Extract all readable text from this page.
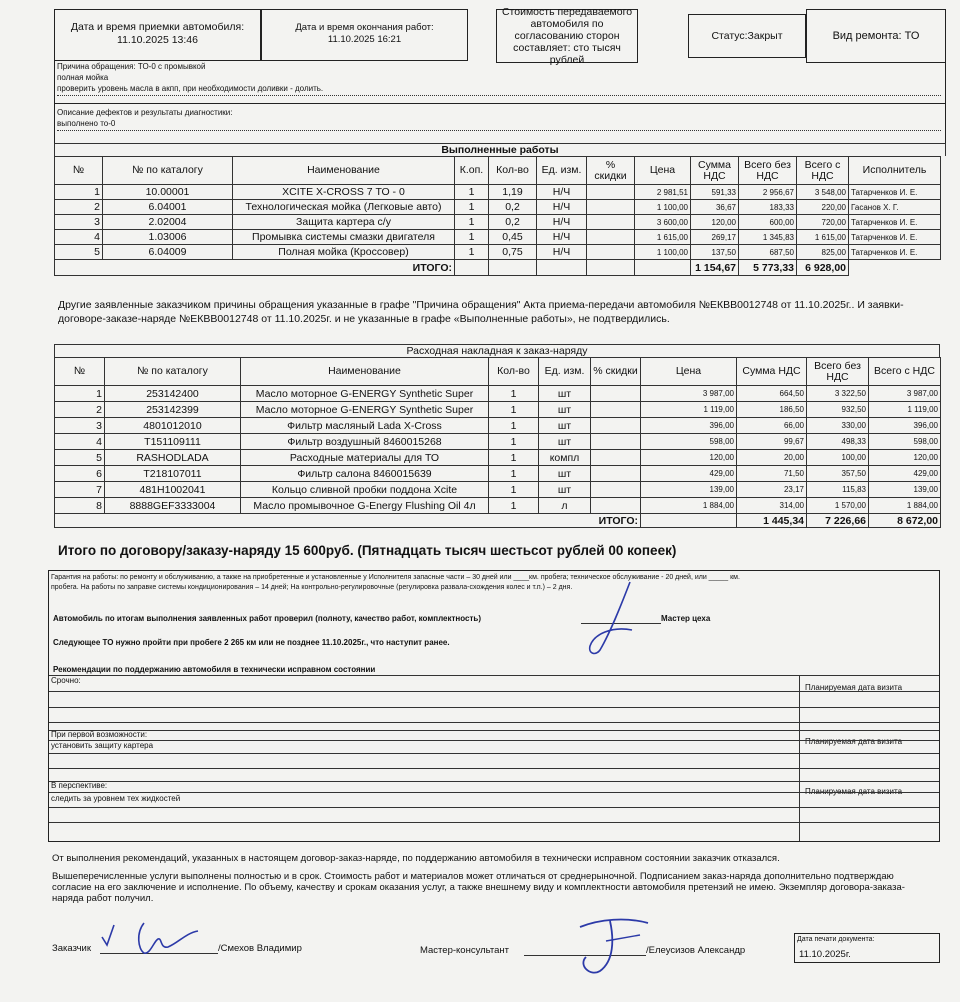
Дата и время приемки автомобиля:
11.10.2025 13:46
Дата и время окончания работ:
11.10.2025 16:21
Стоимость передаваемого автомобиля по согласованию сторон составляет: сто тысяч рублей
Статус:Закрыт	Вид ремонта: ТО
Причина обращения: ТО-0 с промывкой
полная мойка
проверить уровень масла в акпп, при необходимости доливки - долить.
Описание дефектов и результаты диагностики:
выполнено то-0
Выполненные работы
№	№ по каталогу	Наименование	К.оп.	Кол-во	Ед. изм.	% скидки	Цена	Сумма НДС	Всего без НДС	Всего с НДС	Исполнитель
1	10.00001	XCITE X-CROSS 7 ТО - 0	1	1,19	Н/Ч		2 981,51	591,33	2 956,67	3 548,00	Татарченков И. Е.
2	6.04001	Технологическая мойка (Легковые авто)	1	0,2	Н/Ч		1 100,00	36,67	183,33	220,00	Гасанов Х. Г.
3	2.02004	Защита картера с/у	1	0,2	Н/Ч		3 600,00	120,00	600,00	720,00	Татарченков И. Е.
4	1.03006	Промывка системы смазки двигателя	1	0,45	Н/Ч		1 615,00	269,17	1 345,83	1 615,00	Татарченков И. Е.
5	6.04009	Полная мойка (Кроссовер)	1	0,75	Н/Ч		1 100,00	137,50	687,50	825,00	Татарченков И. Е.
ИТОГО:								1 154,67	5 773,33	6 928,00	
Другие заявленные заказчиком причины обращения указанные в графе "Причина обращения" Акта приема-передачи автомобиля №ЕКВВ0012748 от 11.10.2025г.. И заявки-договоре-заказе-наряде №ЕКВВ0012748 от 11.10.2025г. и не указанные в графе «Выполненные работы», не подтвердились.
Расходная накладная к заказ-наряду
№	№ по каталогу	Наименование	Кол-во	Ед. изм.	% скидки	Цена	Сумма НДС	Всего без НДС	Всего с НДС
1	253142400	Масло моторное G-ENERGY Synthetic Super	1	шт		3 987,00	664,50	3 322,50	3 987,00
2	253142399	Масло моторное G-ENERGY Synthetic Super	1	шт		1 119,00	186,50	932,50	1 119,00
3	4801012010	Фильтр масляный Lada X-Cross	1	шт		396,00	66,00	330,00	396,00
4	T151109111	Фильтр воздушный 8460015268	1	шт		598,00	99,67	498,33	598,00
5	RASHODLADA	Расходные материалы для ТО	1	компл		120,00	20,00	100,00	120,00
6	T218107011	Фильтр салона 8460015639	1	шт		429,00	71,50	357,50	429,00
7	481H1002041	Кольцо сливной пробки поддона Xcite	1	шт		139,00	23,17	115,83	139,00
8	8888GEF3333004	Масло промывочное G-Energy Flushing Oil 4л	1	л		1 884,00	314,00	1 570,00	1 884,00
ИТОГО:							1 445,34	7 226,66	8 672,00
Итого по договору/заказу-наряду 15 600руб. (Пятнадцать тысяч шестьсот рублей 00 копеек)
Гарантия на работы: по ремонту и обслуживанию, а также на приобретенные и установленные у Исполнителя запасные части – 30 дней или ____км. пробега; техническое обслуживание - 20 дней, или _____ км.
пробега. На работы по заправке системы кондиционирования – 14 дней; На контрольно-регулировочные (регулировка развала-схождения колес и т.п.) – 2 дня.
Автомобиль по итогам выполнения заявленных работ проверил (полноту, качество работ, комплектность)	Мастер цеха
Следующее ТО нужно пройти при пробеге 2 265 км или не позднее 11.10.2025г., что наступит ранее.
Рекомендации по поддержанию автомобиля в технически исправном состоянии
Срочно:
Планируемая дата визита
При первой возможности:
Планируемая дата визита
установить защиту картера
В перспективе:
Планируемая дата визита
следить за уровнем тех жидкостей
От выполнения рекомендаций, указанных в настоящем договор-заказ-наряде, по поддержанию автомобиля в технически исправном состоянии заказчик отказался.
Вышеперечисленные услуги выполнены полностью и в срок. Стоимость работ и материалов может отличаться от среднерыночной. Подписанием заказ-наряда дополнительно подтверждаю согласие на его заключение и исполнение. По объему, качеству и срокам оказания услуг, а также внешнему виду и комплектности автомобиля претензий не имею. Экземпляр договора-заказа-наряда работ получил.
Заказчик	/Смехов Владимир	Мастер-консультант	/Елеусизов Александр
Дата печати документа:
11.10.2025г.
